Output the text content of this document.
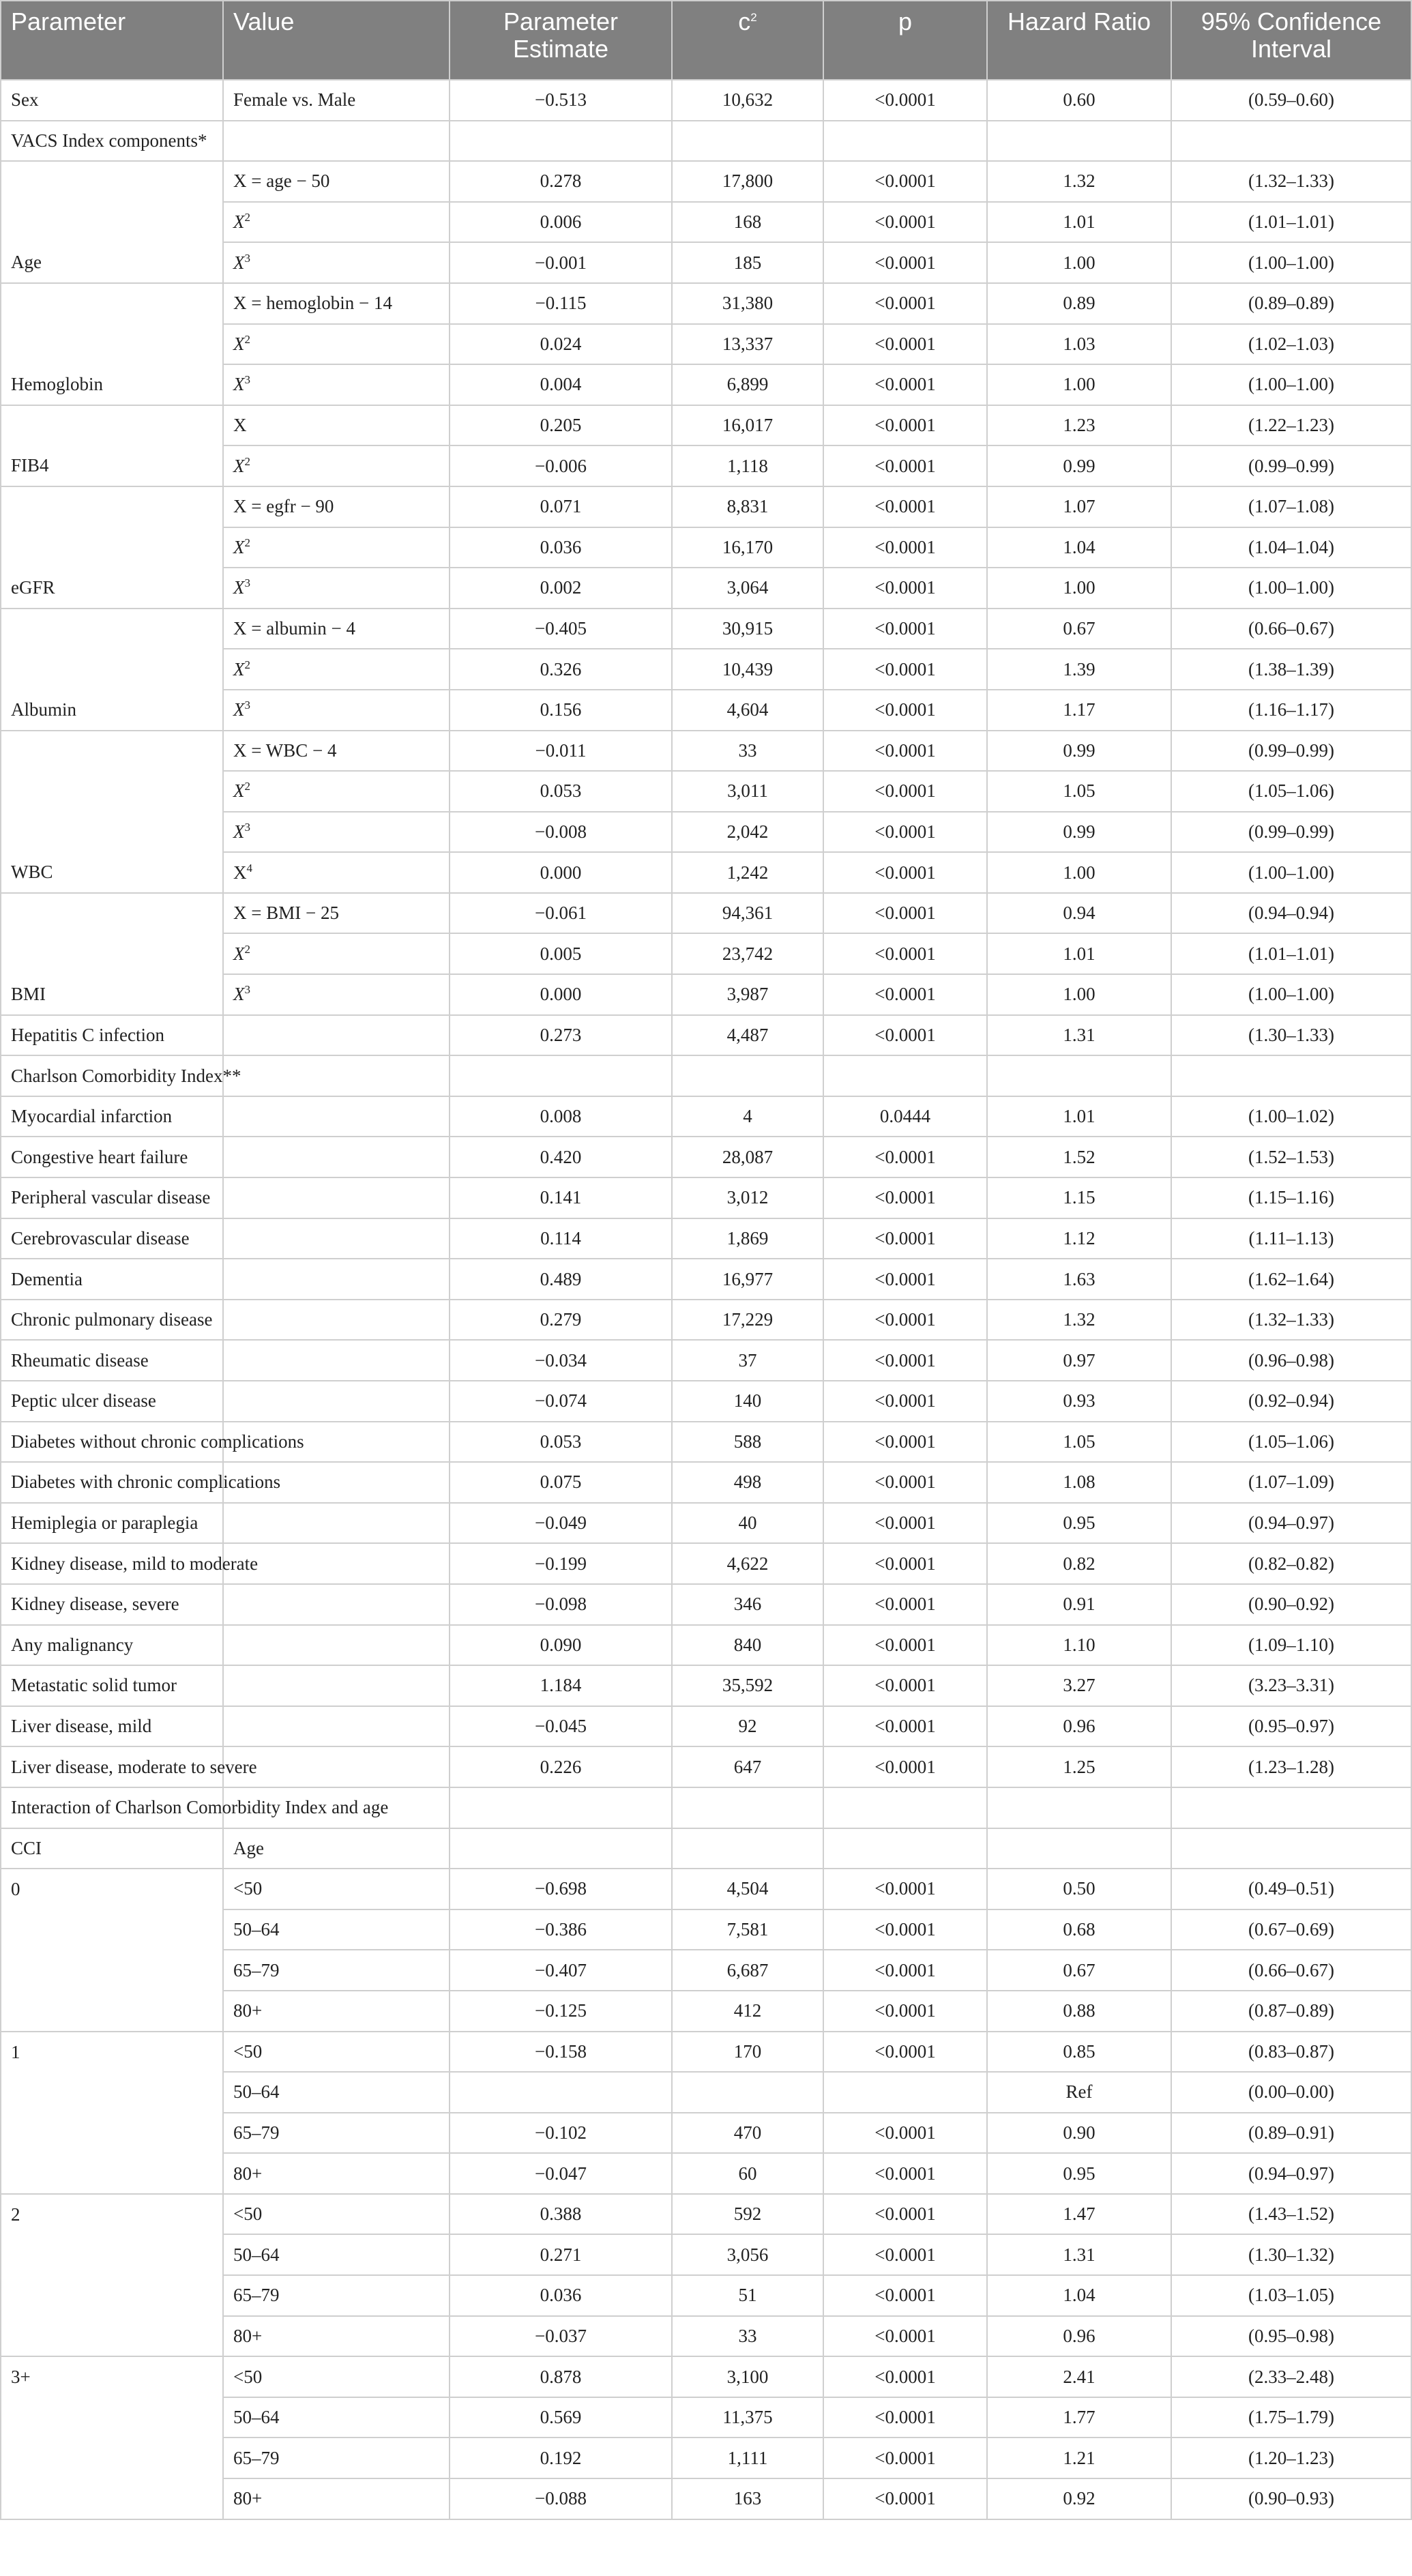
Parameter	Value	Parameter Estimate	$c^2$	p	Hazard Ratio	95% Confidence Interval
Sex	Female vs. Male	−0.513	10,632	<0.0001	0.60	(0.59–0.60)
VACS Index components*						
Age	X = age − 50	0.278	17,800	<0.0001	1.32	(1.32–1.33)
	$X^2$	0.006	168	<0.0001	1.01	(1.01–1.01)
	$X^3$	−0.001	185	<0.0001	1.00	(1.00–1.00)
Hemoglobin	X = hemoglobin − 14	−0.115	31,380	<0.0001	0.89	(0.89–0.89)
	$X^2$	0.024	13,337	<0.0001	1.03	(1.02–1.03)
	$X^3$	0.004	6,899	<0.0001	1.00	(1.00–1.00)
FIB4	X	0.205	16,017	<0.0001	1.23	(1.22–1.23)
	$X^2$	−0.006	1,118	<0.0001	0.99	(0.99–0.99)
eGFR	X = egfr − 90	0.071	8,831	<0.0001	1.07	(1.07–1.08)
	$X^2$	0.036	16,170	<0.0001	1.04	(1.04–1.04)
	$X^3$	0.002	3,064	<0.0001	1.00	(1.00–1.00)
Albumin	X = albumin − 4	−0.405	30,915	<0.0001	0.67	(0.66–0.67)
	$X^2$	0.326	10,439	<0.0001	1.39	(1.38–1.39)
	$X^3$	0.156	4,604	<0.0001	1.17	(1.16–1.17)
WBC	X = WBC − 4	−0.011	33	<0.0001	0.99	(0.99–0.99)
	$X^2$	0.053	3,011	<0.0001	1.05	(1.05–1.06)
	$X^3$	−0.008	2,042	<0.0001	0.99	(0.99–0.99)
	$X^4$	0.000	1,242	<0.0001	1.00	(1.00–1.00)
BMI	X = BMI − 25	−0.061	94,361	<0.0001	0.94	(0.94–0.94)
	$X^2$	0.005	23,742	<0.0001	1.01	(1.01–1.01)
	$X^3$	0.000	3,987	<0.0001	1.00	(1.00–1.00)
Hepatitis C infection		0.273	4,487	<0.0001	1.31	(1.30–1.33)
Charlson Comorbidity Index**						
Myocardial infarction		0.008	4	0.0444	1.01	(1.00–1.02)
Congestive heart failure		0.420	28,087	<0.0001	1.52	(1.52–1.53)
Peripheral vascular disease		0.141	3,012	<0.0001	1.15	(1.15–1.16)
Cerebrovascular disease		0.114	1,869	<0.0001	1.12	(1.11–1.13)
Dementia		0.489	16,977	<0.0001	1.63	(1.62–1.64)
Chronic pulmonary disease		0.279	17,229	<0.0001	1.32	(1.32–1.33)
Rheumatic disease		−0.034	37	<0.0001	0.97	(0.96–0.98)
Peptic ulcer disease		−0.074	140	<0.0001	0.93	(0.92–0.94)
Diabetes without chronic complications		0.053	588	<0.0001	1.05	(1.05–1.06)
Diabetes with chronic complications		0.075	498	<0.0001	1.08	(1.07–1.09)
Hemiplegia or paraplegia		−0.049	40	<0.0001	0.95	(0.94–0.97)
Kidney disease, mild to moderate		−0.199	4,622	<0.0001	0.82	(0.82–0.82)
Kidney disease, severe		−0.098	346	<0.0001	0.91	(0.90–0.92)
Any malignancy		0.090	840	<0.0001	1.10	(1.09–1.10)
Metastatic solid tumor		1.184	35,592	<0.0001	3.27	(3.23–3.31)
Liver disease, mild		−0.045	92	<0.0001	0.96	(0.95–0.97)
Liver disease, moderate to severe		0.226	647	<0.0001	1.25	(1.23–1.28)
Interaction of Charlson Comorbidity Index and age						
CCI	Age					
0	<50	−0.698	4,504	<0.0001	0.50	(0.49–0.51)
	50–64	−0.386	7,581	<0.0001	0.68	(0.67–0.69)
	65–79	−0.407	6,687	<0.0001	0.67	(0.66–0.67)
	80+	−0.125	412	<0.0001	0.88	(0.87–0.89)
1	<50	−0.158	170	<0.0001	0.85	(0.83–0.87)
	50–64				Ref	(0.00–0.00)
	65–79	−0.102	470	<0.0001	0.90	(0.89–0.91)
	80+	−0.047	60	<0.0001	0.95	(0.94–0.97)
2	<50	0.388	592	<0.0001	1.47	(1.43–1.52)
	50–64	0.271	3,056	<0.0001	1.31	(1.30–1.32)
	65–79	0.036	51	<0.0001	1.04	(1.03–1.05)
	80+	−0.037	33	<0.0001	0.96	(0.95–0.98)
3+	<50	0.878	3,100	<0.0001	2.41	(2.33–2.48)
	50–64	0.569	11,375	<0.0001	1.77	(1.75–1.79)
	65–79	0.192	1,111	<0.0001	1.21	(1.20–1.23)
	80+	−0.088	163	<0.0001	0.92	(0.90–0.93)
